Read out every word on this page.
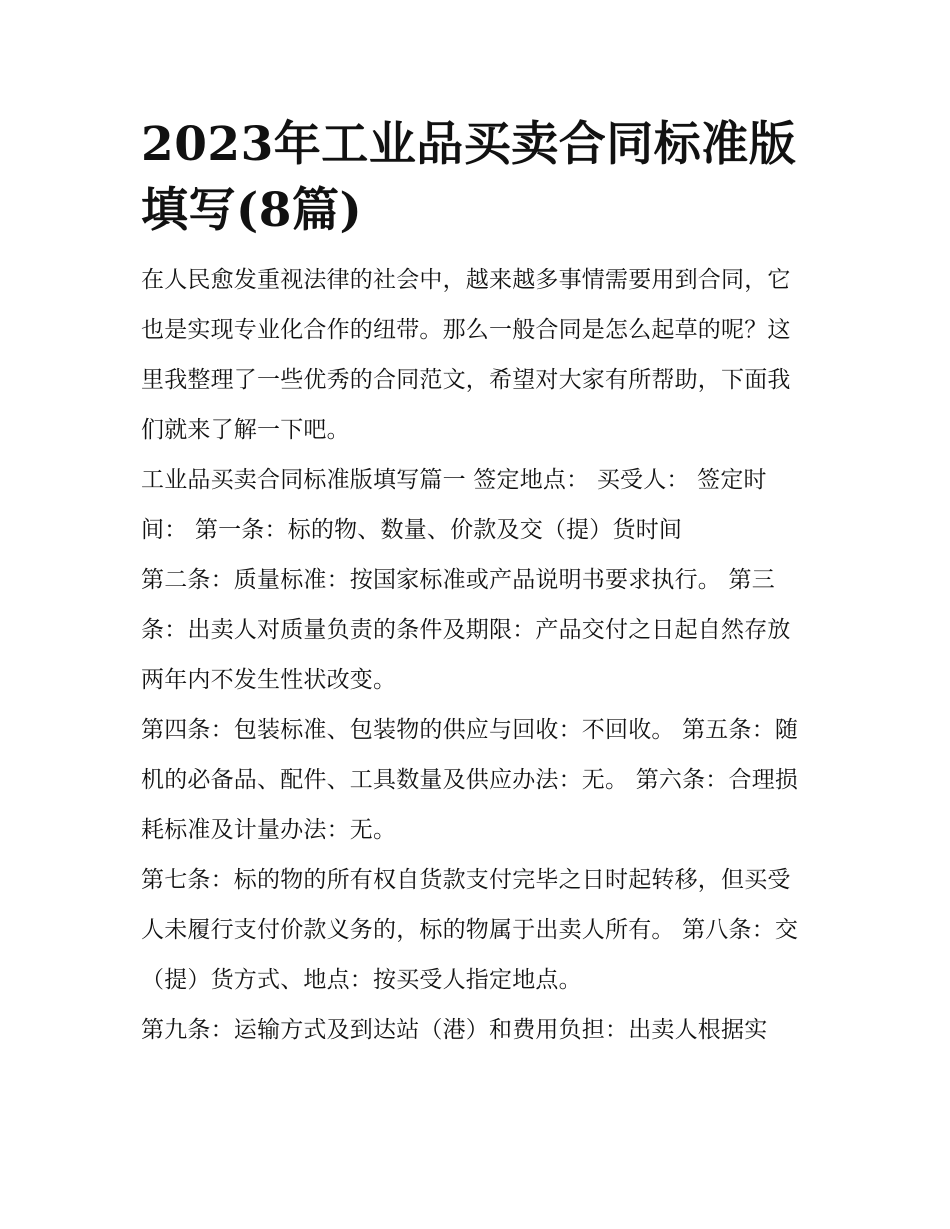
2023年工业品买卖合同标准版填写(8篇)

在人民愈发重视法律的社会中，越来越多事情需要用到合同，它也是实现专业化合作的纽带。那么一般合同是怎么起草的呢？这里我整理了一些优秀的合同范文，希望对大家有所帮助，下面我们就来了解一下吧。

工业品买卖合同标准版填写篇一 签定地点： 买受人： 签定时间： 第一条：标的物、数量、价款及交（提）货时间

第二条：质量标准：按国家标准或产品说明书要求执行。 第三条：出卖人对质量负责的条件及期限：产品交付之日起自然存放两年内不发生性状改变。

第四条：包装标准、包装物的供应与回收：不回收。 第五条：随机的必备品、配件、工具数量及供应办法：无。 第六条：合理损耗标准及计量办法：无。

第七条：标的物的所有权自货款支付完毕之日时起转移，但买受人未履行支付价款义务的，标的物属于出卖人所有。 第八条：交（提）货方式、地点：按买受人指定地点。

第九条：运输方式及到达站（港）和费用负担：出卖人根据实
